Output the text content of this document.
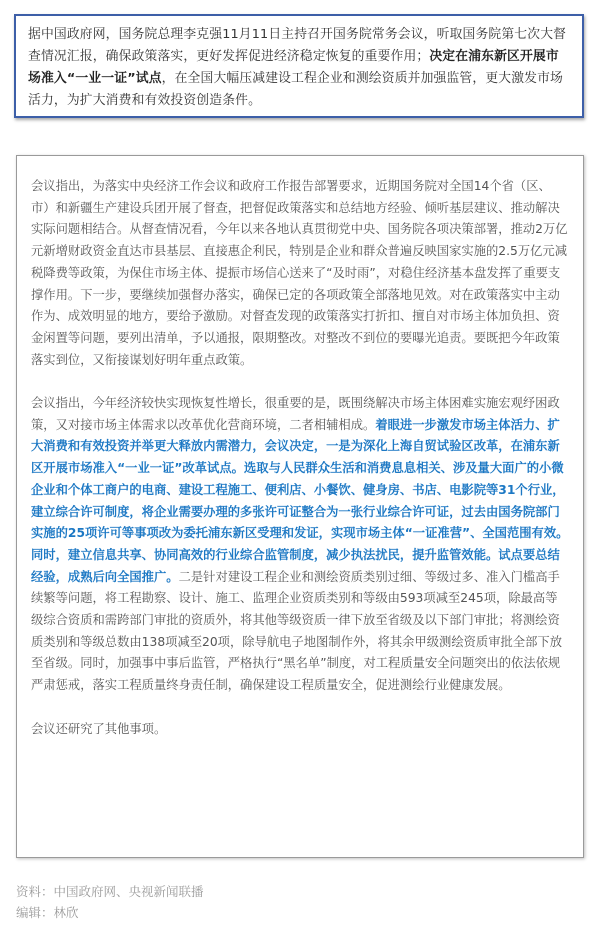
据中国政府网，国务院总理李克强11月11日主持召开国务院常务会议，听取国务院第七次大督查情况汇报，确保政策落实，更好发挥促进经济稳定恢复的重要作用；决定在浦东新区开展市场准入“一业一证”试点，在全国大幅压减建设工程企业和测绘资质并加强监管，更大激发市场活力，为扩大消费和有效投资创造条件。

会议指出，为落实中央经济工作会议和政府工作报告部署要求，近期国务院对全国14个省（区、市）和新疆生产建设兵团开展了督查，把督促政策落实和总结地方经验、倾听基层建议、推动解决实际问题相结合。从督查情况看，今年以来各地认真贯彻党中央、国务院各项决策部署，推动2万亿元新增财政资金直达市县基层、直接惠企利民，特别是企业和群众普遍反映国家实施的2.5万亿元减税降费等政策，为保住市场主体、提振市场信心送来了“及时雨”，对稳住经济基本盘发挥了重要支撑作用。下一步，要继续加强督办落实，确保已定的各项政策全部落地见效。对在政策落实中主动作为、成效明显的地方，要给予激励。对督查发现的政策落实打折扣、擅自对市场主体加负担、资金闲置等问题，要列出清单，予以通报，限期整改。对整改不到位的要曝光追责。要既把今年政策落实到位，又衔接谋划好明年重点政策。

会议指出，今年经济较快实现恢复性增长，很重要的是，既围绕解决市场主体困难实施宏观纾困政策，又对接市场主体需求以改革优化营商环境，二者相辅相成。着眼进一步激发市场主体活力、扩大消费和有效投资并举更大释放内需潜力，会议决定，一是为深化上海自贸试验区改革，在浦东新区开展市场准入“一业一证”改革试点。选取与人民群众生活和消费息息相关、涉及量大面广的小微企业和个体工商户的电商、建设工程施工、便利店、小餐饮、健身房、书店、电影院等31个行业，建立综合许可制度，将企业需要办理的多张许可证整合为一张行业综合许可证，过去由国务院部门实施的25项许可等事项改为委托浦东新区受理和发证，实现市场主体“一证准营”、全国范围有效。同时，建立信息共享、协同高效的行业综合监管制度，减少执法扰民，提升监管效能。试点要总结经验，成熟后向全国推广。二是针对建设工程企业和测绘资质类别过细、等级过多、准入门槛高手续繁等问题，将工程勘察、设计、施工、监理企业资质类别和等级由593项减至245项，除最高等级综合资质和需跨部门审批的资质外，将其他等级资质一律下放至省级及以下部门审批；将测绘资质类别和等级总数由138项减至20项，除导航电子地图制作外，将其余甲级测绘资质审批全部下放至省级。同时，加强事中事后监管，严格执行“黑名单”制度，对工程质量安全问题突出的依法依规严肃惩戒，落实工程质量终身责任制，确保建设工程质量安全，促进测绘行业健康发展。

会议还研究了其他事项。

资料：中国政府网、央视新闻联播
编辑：林欣
